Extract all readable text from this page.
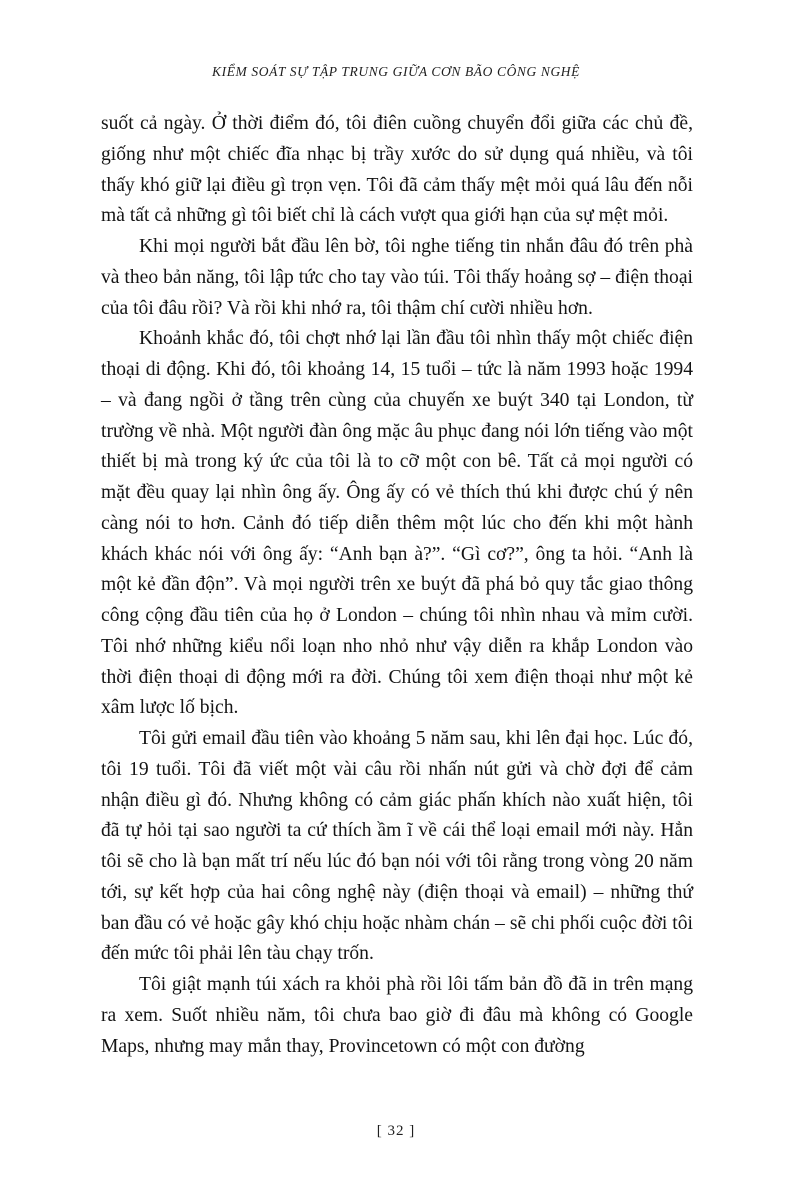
KIỂM SOÁT SỰ TẬP TRUNG GIỮA CƠN BÃO CÔNG NGHỆ

suốt cả ngày. Ở thời điểm đó, tôi điên cuồng chuyển đổi giữa các chủ đề, giống như một chiếc đĩa nhạc bị trầy xước do sử dụng quá nhiều, và tôi thấy khó giữ lại điều gì trọn vẹn. Tôi đã cảm thấy mệt mỏi quá lâu đến nỗi mà tất cả những gì tôi biết chỉ là cách vượt qua giới hạn của sự mệt mỏi.

Khi mọi người bắt đầu lên bờ, tôi nghe tiếng tin nhắn đâu đó trên phà và theo bản năng, tôi lập tức cho tay vào túi. Tôi thấy hoảng sợ – điện thoại của tôi đâu rồi? Và rồi khi nhớ ra, tôi thậm chí cười nhiều hơn.

Khoảnh khắc đó, tôi chợt nhớ lại lần đầu tôi nhìn thấy một chiếc điện thoại di động. Khi đó, tôi khoảng 14, 15 tuổi – tức là năm 1993 hoặc 1994 – và đang ngồi ở tầng trên cùng của chuyến xe buýt 340 tại London, từ trường về nhà. Một người đàn ông mặc âu phục đang nói lớn tiếng vào một thiết bị mà trong ký ức của tôi là to cỡ một con bê. Tất cả mọi người có mặt đều quay lại nhìn ông ấy. Ông ấy có vẻ thích thú khi được chú ý nên càng nói to hơn. Cảnh đó tiếp diễn thêm một lúc cho đến khi một hành khách khác nói với ông ấy: “Anh bạn à?”. “Gì cơ?”, ông ta hỏi. “Anh là một kẻ đần độn”. Và mọi người trên xe buýt đã phá bỏ quy tắc giao thông công cộng đầu tiên của họ ở London – chúng tôi nhìn nhau và mỉm cười. Tôi nhớ những kiểu nổi loạn nho nhỏ như vậy diễn ra khắp London vào thời điện thoại di động mới ra đời. Chúng tôi xem điện thoại như một kẻ xâm lược lố bịch.

Tôi gửi email đầu tiên vào khoảng 5 năm sau, khi lên đại học. Lúc đó, tôi 19 tuổi. Tôi đã viết một vài câu rồi nhấn nút gửi và chờ đợi để cảm nhận điều gì đó. Nhưng không có cảm giác phấn khích nào xuất hiện, tôi đã tự hỏi tại sao người ta cứ thích ầm ĩ về cái thể loại email mới này. Hẳn tôi sẽ cho là bạn mất trí nếu lúc đó bạn nói với tôi rằng trong vòng 20 năm tới, sự kết hợp của hai công nghệ này (điện thoại và email) – những thứ ban đầu có vẻ hoặc gây khó chịu hoặc nhàm chán – sẽ chi phối cuộc đời tôi đến mức tôi phải lên tàu chạy trốn.

Tôi giật mạnh túi xách ra khỏi phà rồi lôi tấm bản đồ đã in trên mạng ra xem. Suốt nhiều năm, tôi chưa bao giờ đi đâu mà không có Google Maps, nhưng may mắn thay, Provincetown có một con đường

[ 32 ]
